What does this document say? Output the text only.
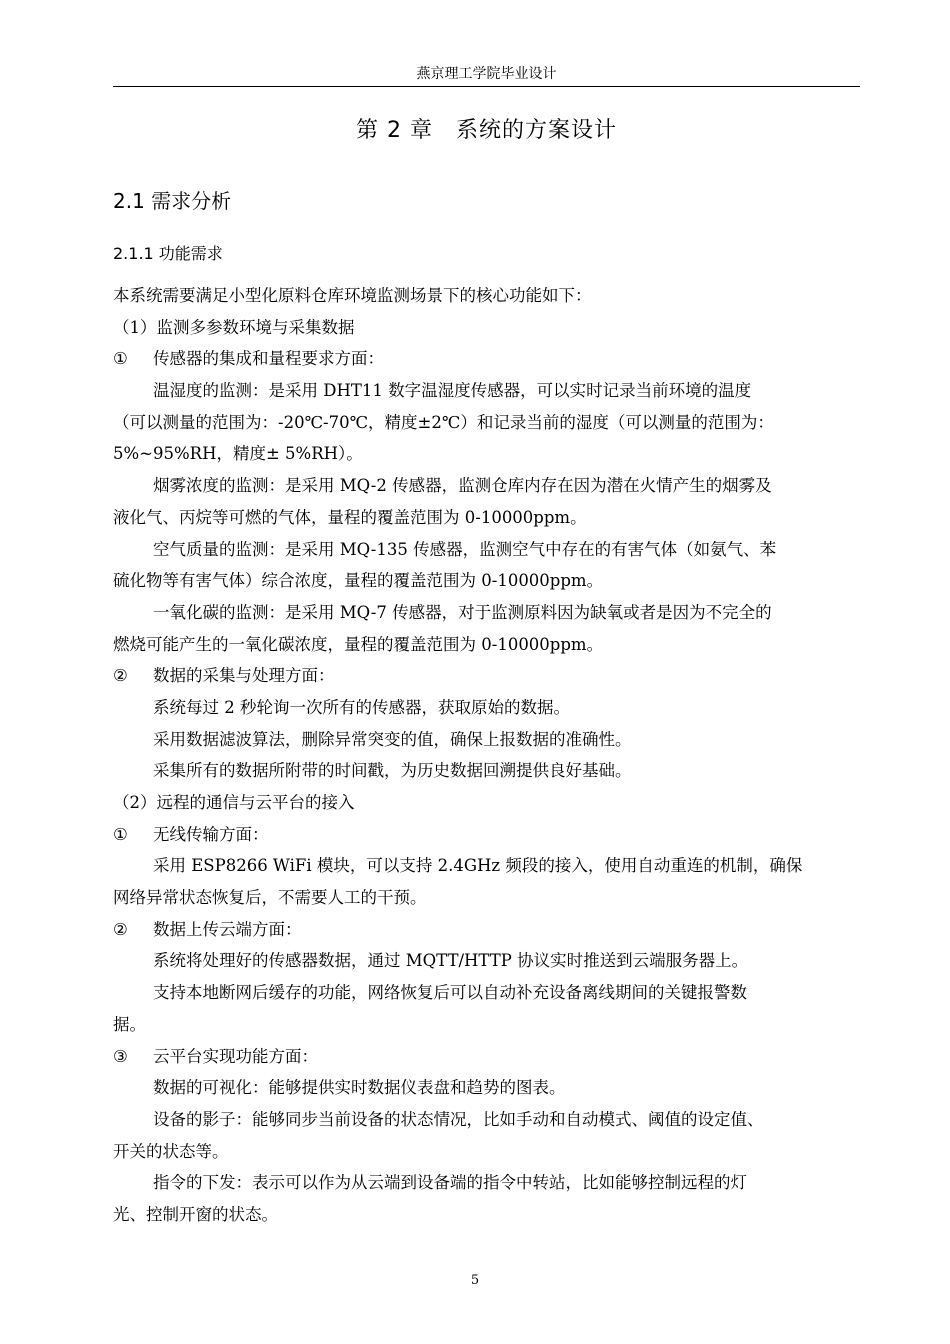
燕京理工学院毕业设计
第 2 章　系统的方案设计
2.1 需求分析
2.1.1 功能需求
本系统需要满足小型化原料仓库环境监测场景下的核心功能如下：
（1）监测多参数环境与采集数据
① 传感器的集成和量程要求方面：
温湿度的监测：是采用 DHT11 数字温湿度传感器，可以实时记录当前环境的温度
（可以测量的范围为：-20℃-70℃，精度±2℃）和记录当前的湿度（可以测量的范围为：
5%~95%RH，精度± 5%RH）。
烟雾浓度的监测：是采用 MQ-2 传感器，监测仓库内存在因为潜在火情产生的烟雾及
液化气、丙烷等可燃的气体，量程的覆盖范围为 0-10000ppm。
空气质量的监测：是采用 MQ-135 传感器，监测空气中存在的有害气体（如氨气、苯
硫化物等有害气体）综合浓度，量程的覆盖范围为 0-10000ppm。
一氧化碳的监测：是采用 MQ-7 传感器，对于监测原料因为缺氧或者是因为不完全的
燃烧可能产生的一氧化碳浓度，量程的覆盖范围为 0-10000ppm。
② 数据的采集与处理方面：
系统每过 2 秒轮询一次所有的传感器，获取原始的数据。
采用数据滤波算法，删除异常突变的值，确保上报数据的准确性。
采集所有的数据所附带的时间戳，为历史数据回溯提供良好基础。
（2）远程的通信与云平台的接入
① 无线传输方面：
采用 ESP8266 WiFi 模块，可以支持 2.4GHz 频段的接入，使用自动重连的机制，确保
网络异常状态恢复后，不需要人工的干预。
② 数据上传云端方面：
系统将处理好的传感器数据，通过 MQTT/HTTP 协议实时推送到云端服务器上。
支持本地断网后缓存的功能，网络恢复后可以自动补充设备离线期间的关键报警数
据。
③ 云平台实现功能方面：
数据的可视化：能够提供实时数据仪表盘和趋势的图表。
设备的影子：能够同步当前设备的状态情况，比如手动和自动模式、阈值的设定值、
开关的状态等。
指令的下发：表示可以作为从云端到设备端的指令中转站，比如能够控制远程的灯
光、控制开窗的状态。
5
